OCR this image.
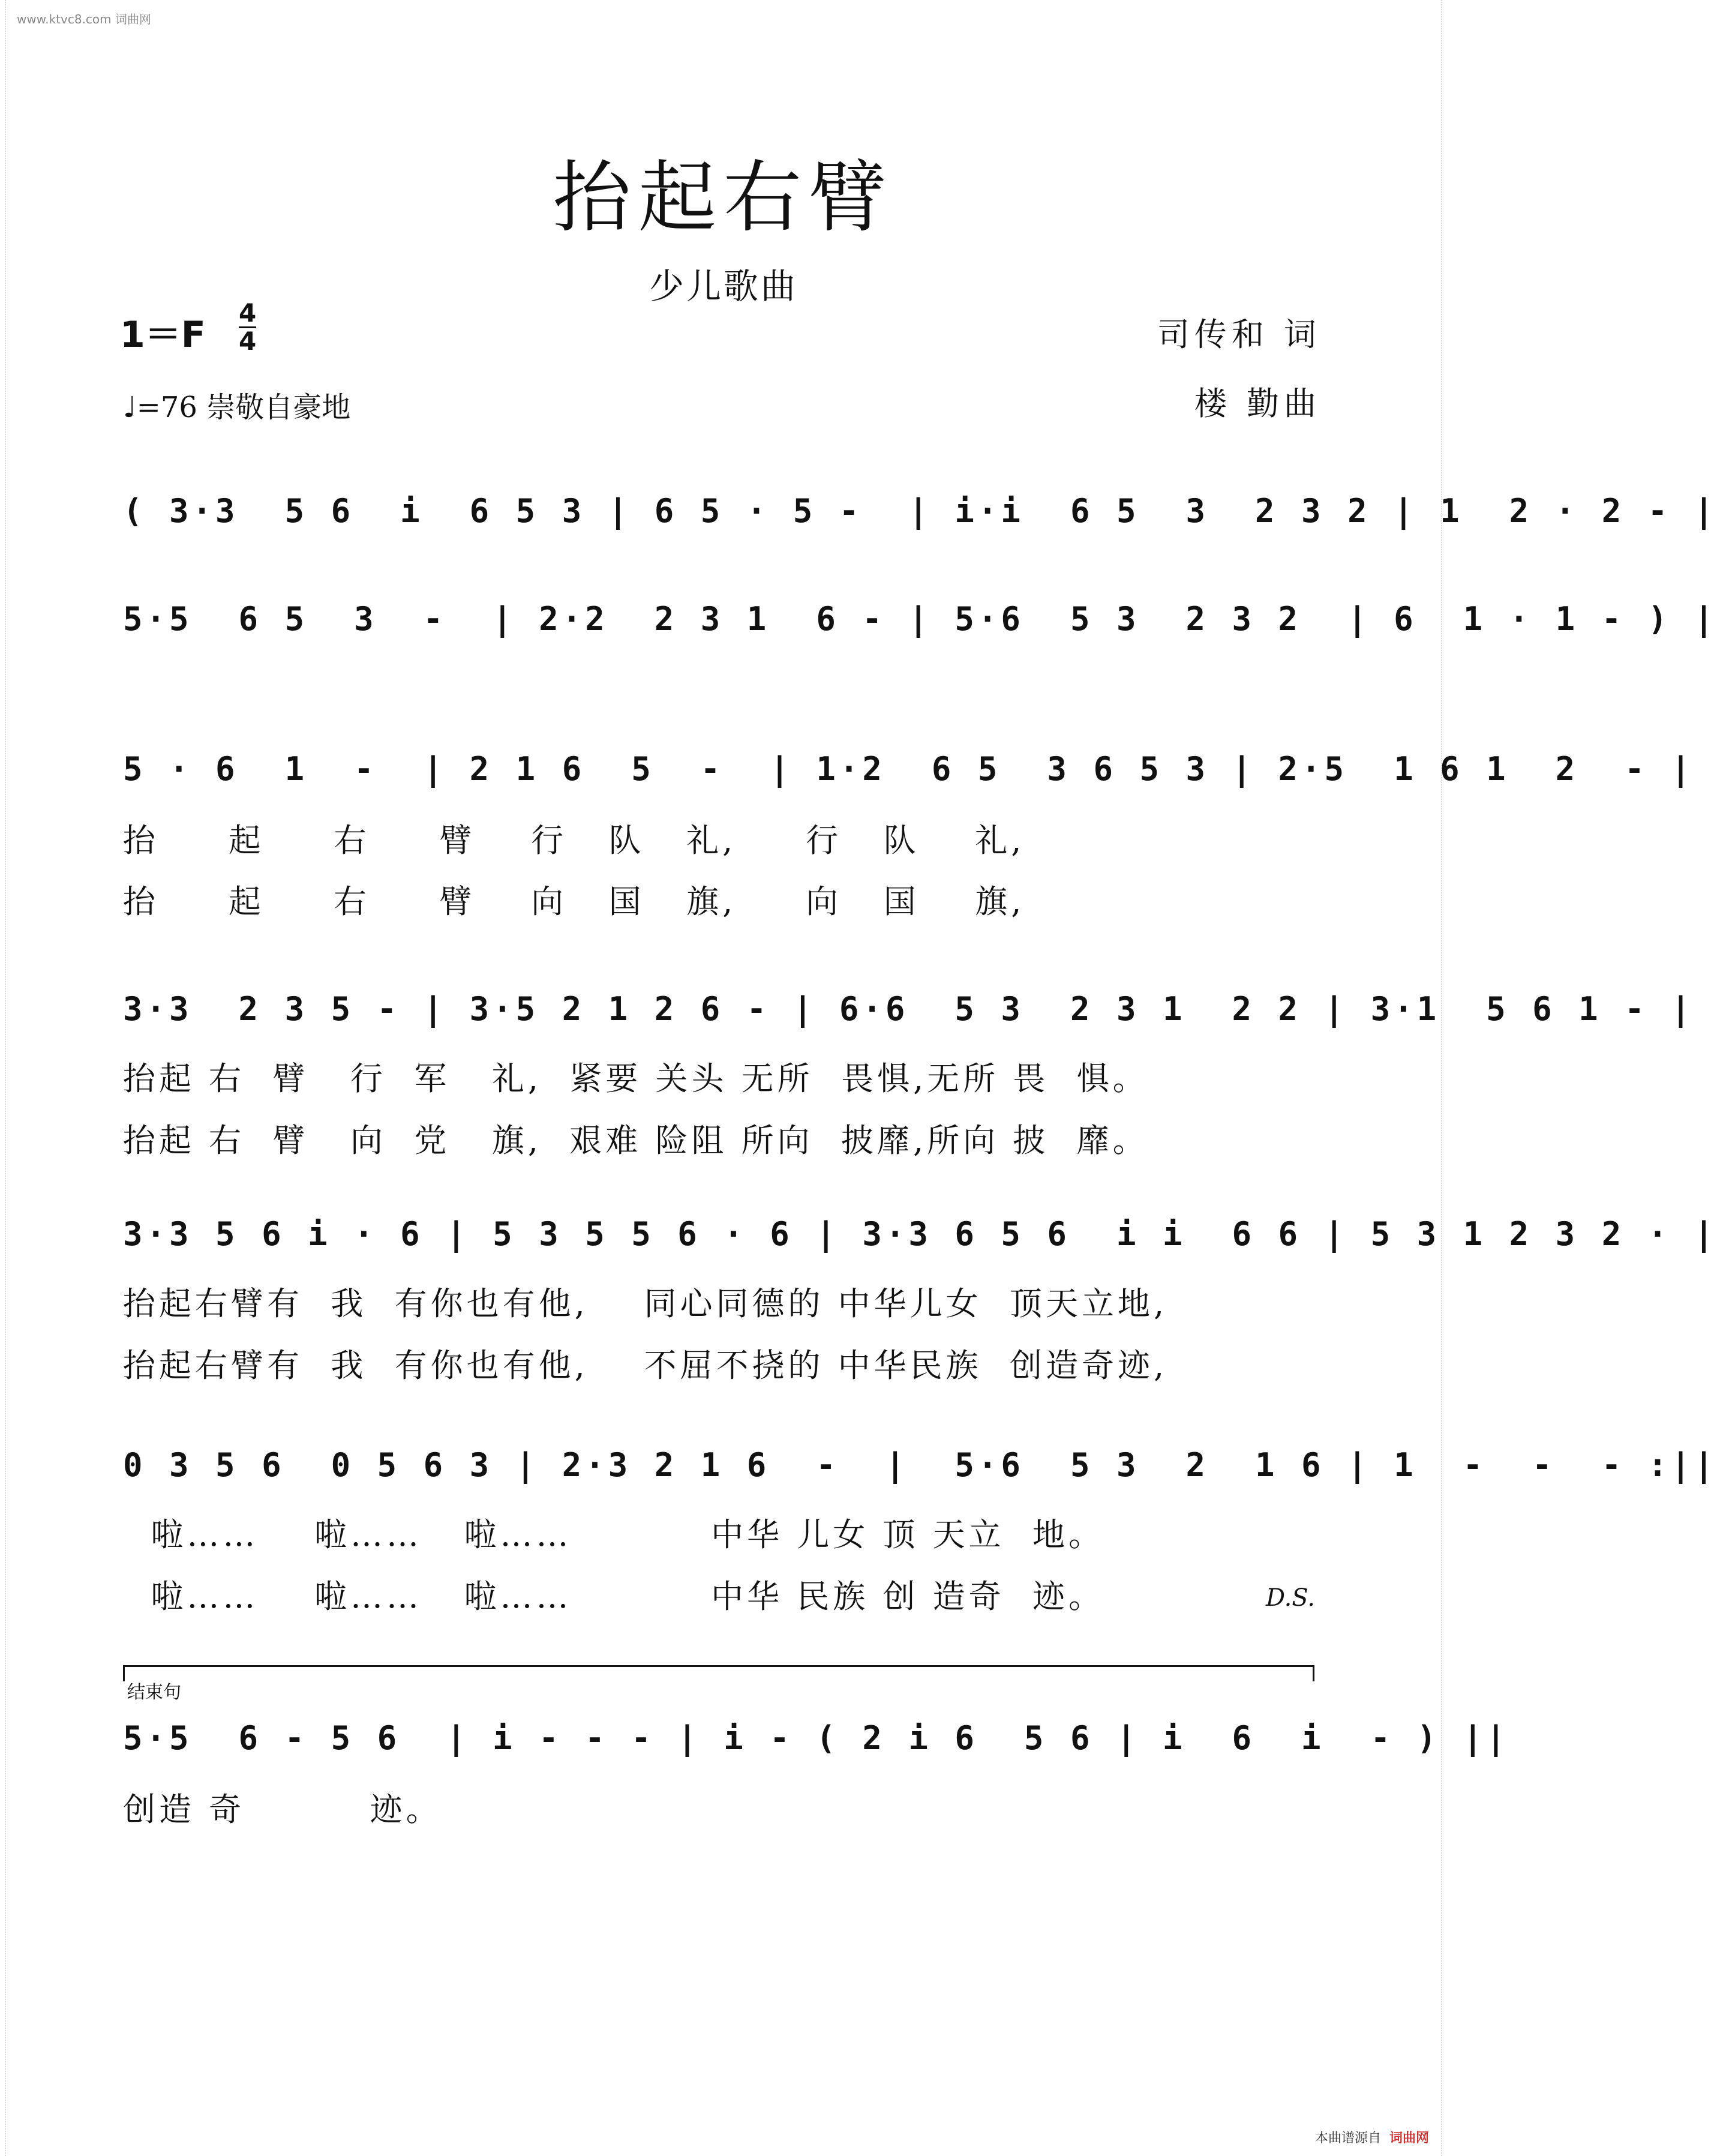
www.ktvc8.com 词曲网
抬起右臂
少儿歌曲
1＝F
4
4
♩=76 崇敬自豪地
司传和 词
楼 勤曲
( 3·3  5 6  i  6 5 3 | 6 5 · 5 -  | i·i  6 5  3  2 3 2 | 1  2 · 2 - |
5·5  6 5  3  -  | 2·2  2 3 1  6 - | 5·6  5 3  2 3 2  | 6  1 · 1 - ) |
5 · 6  1  -  | 2 1 6  5  -  | 1·2  6 5  3 6 5 3 | 2·5  1 6 1  2  - |
抬     起     右     臂    行   队   礼,     行   队    礼,
抬     起     右     臂    向   国   旗,     向   国    旗,
3·3  2 3 5 - | 3·5 2 1 2 6 - | 6·6  5 3  2 3 1  2 2 | 3·1  5 6 1 - |
抬起 右  臂   行  军   礼,  紧要 关头 无所  畏惧,无所 畏  惧。
抬起 右  臂   向  党   旗,  艰难 险阻 所向  披靡,所向 披  靡。
3·3 5 6 i · 6 | 5 3 5 5 6 · 6 | 3·3 6 5 6  i i  6 6 | 5 3 1 2 3 2 · |
抬起右臂有  我  有你也有他,    同心同德的 中华儿女  顶天立地,
抬起右臂有  我  有你也有他,    不屈不挠的 中华民族  创造奇迹,
0 3 5 6  0 5 6 3 | 2·3 2 1 6  -  |  5·6  5 3  2  1 6 | 1  -  -  - :||
啦……    啦……   啦……          中华 儿女 顶 天立  地。
啦……    啦……   啦……          中华 民族 创 造奇  迹。	D.S.
结束句
5·5  6 - 5 6  | i - - - | i - ( 2 i 6  5 6 | i  6  i  - ) ||
创造 奇         迹。
本曲谱源自 词曲网
